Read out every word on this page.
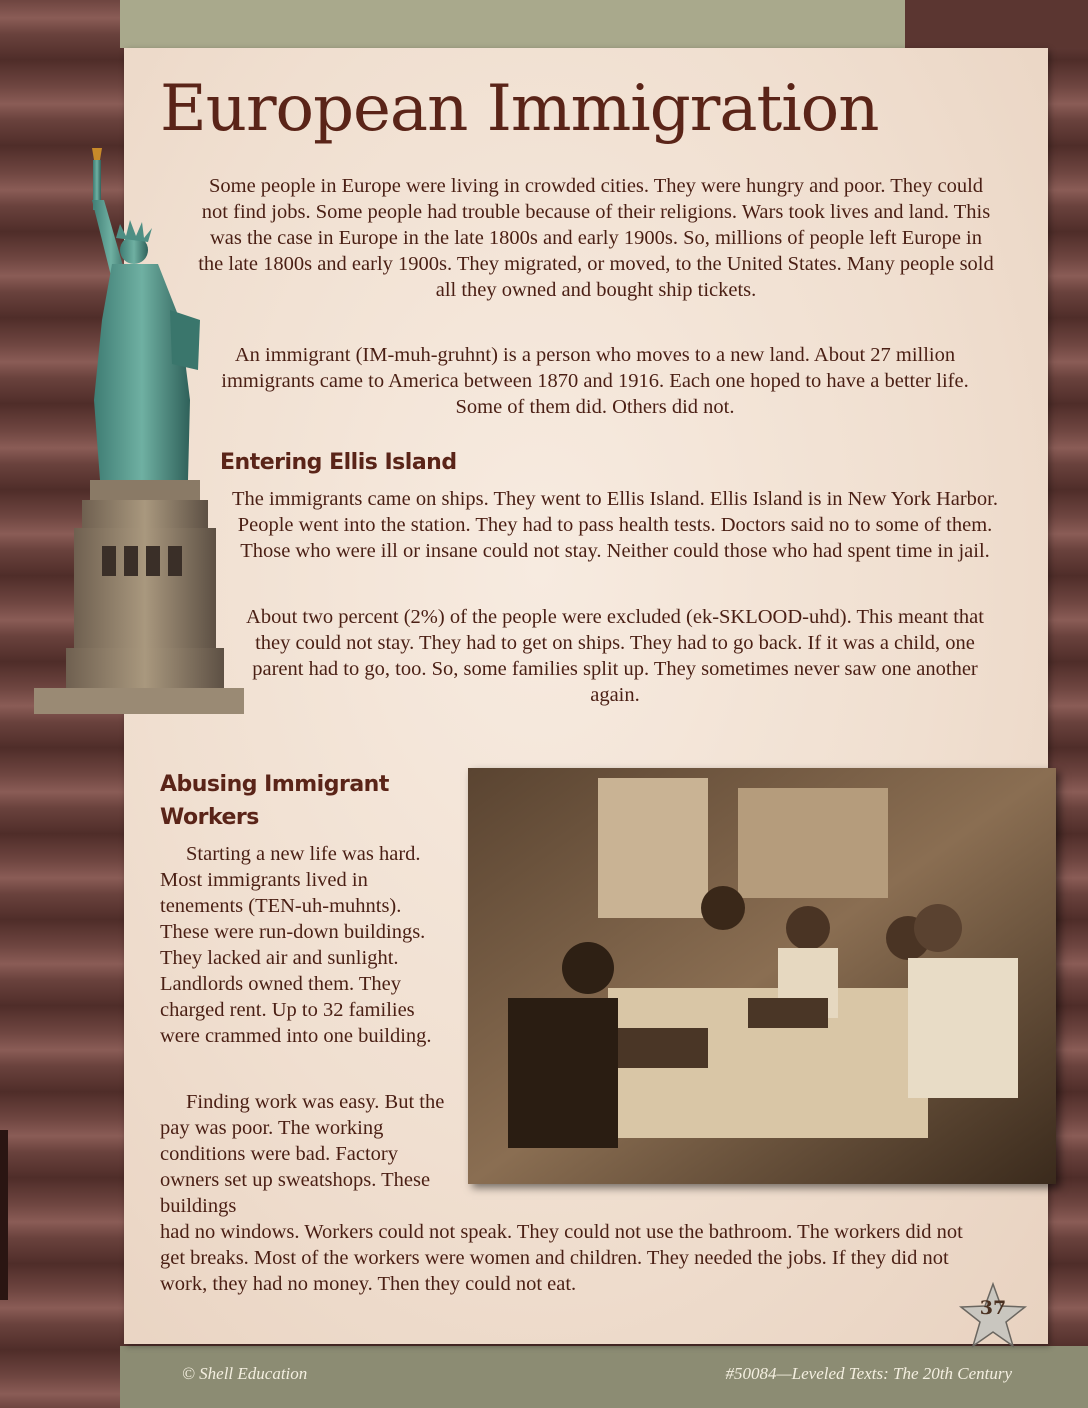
European Immigration

Some people in Europe were living in crowded cities. They were hungry and poor. They could not find jobs. Some people had trouble because of their religions. Wars took lives and land. This was the case in Europe in the late 1800s and early 1900s. So, millions of people left Europe in the late 1800s and early 1900s. They migrated, or moved, to the United States. Many people sold all they owned and bought ship tickets.

An immigrant (IM-muh-gruhnt) is a person who moves to a new land. About 27 million immigrants came to America between 1870 and 1916. Each one hoped to have a better life. Some of them did. Others did not.

Entering Ellis Island

The immigrants came on ships. They went to Ellis Island. Ellis Island is in New York Harbor. People went into the station. They had to pass health tests. Doctors said no to some of them. Those who were ill or insane could not stay. Neither could those who had spent time in jail.

About two percent (2%) of the people were excluded (ek-SKLOOD-uhd). This meant that they could not stay. They had to get on ships. They had to go back. If it was a child, one parent had to go, too. So, some families split up. They sometimes never saw one another again.

Abusing Immigrant Workers

Starting a new life was hard. Most immigrants lived in tenements (TEN-uh-muhnts). These were run-down buildings. They lacked air and sunlight. Landlords owned them. They charged rent. Up to 32 families were crammed into one building.

Finding work was easy. But the pay was poor. The working conditions were bad. Factory owners set up sweatshops. These buildings

had no windows. Workers could not speak. They could not use the bathroom. The workers did not get breaks. Most of the workers were women and children. They needed the jobs. If they did not work, they had no money. Then they could not eat.

37
© Shell Education	#50084—Leveled Texts: The 20th Century
